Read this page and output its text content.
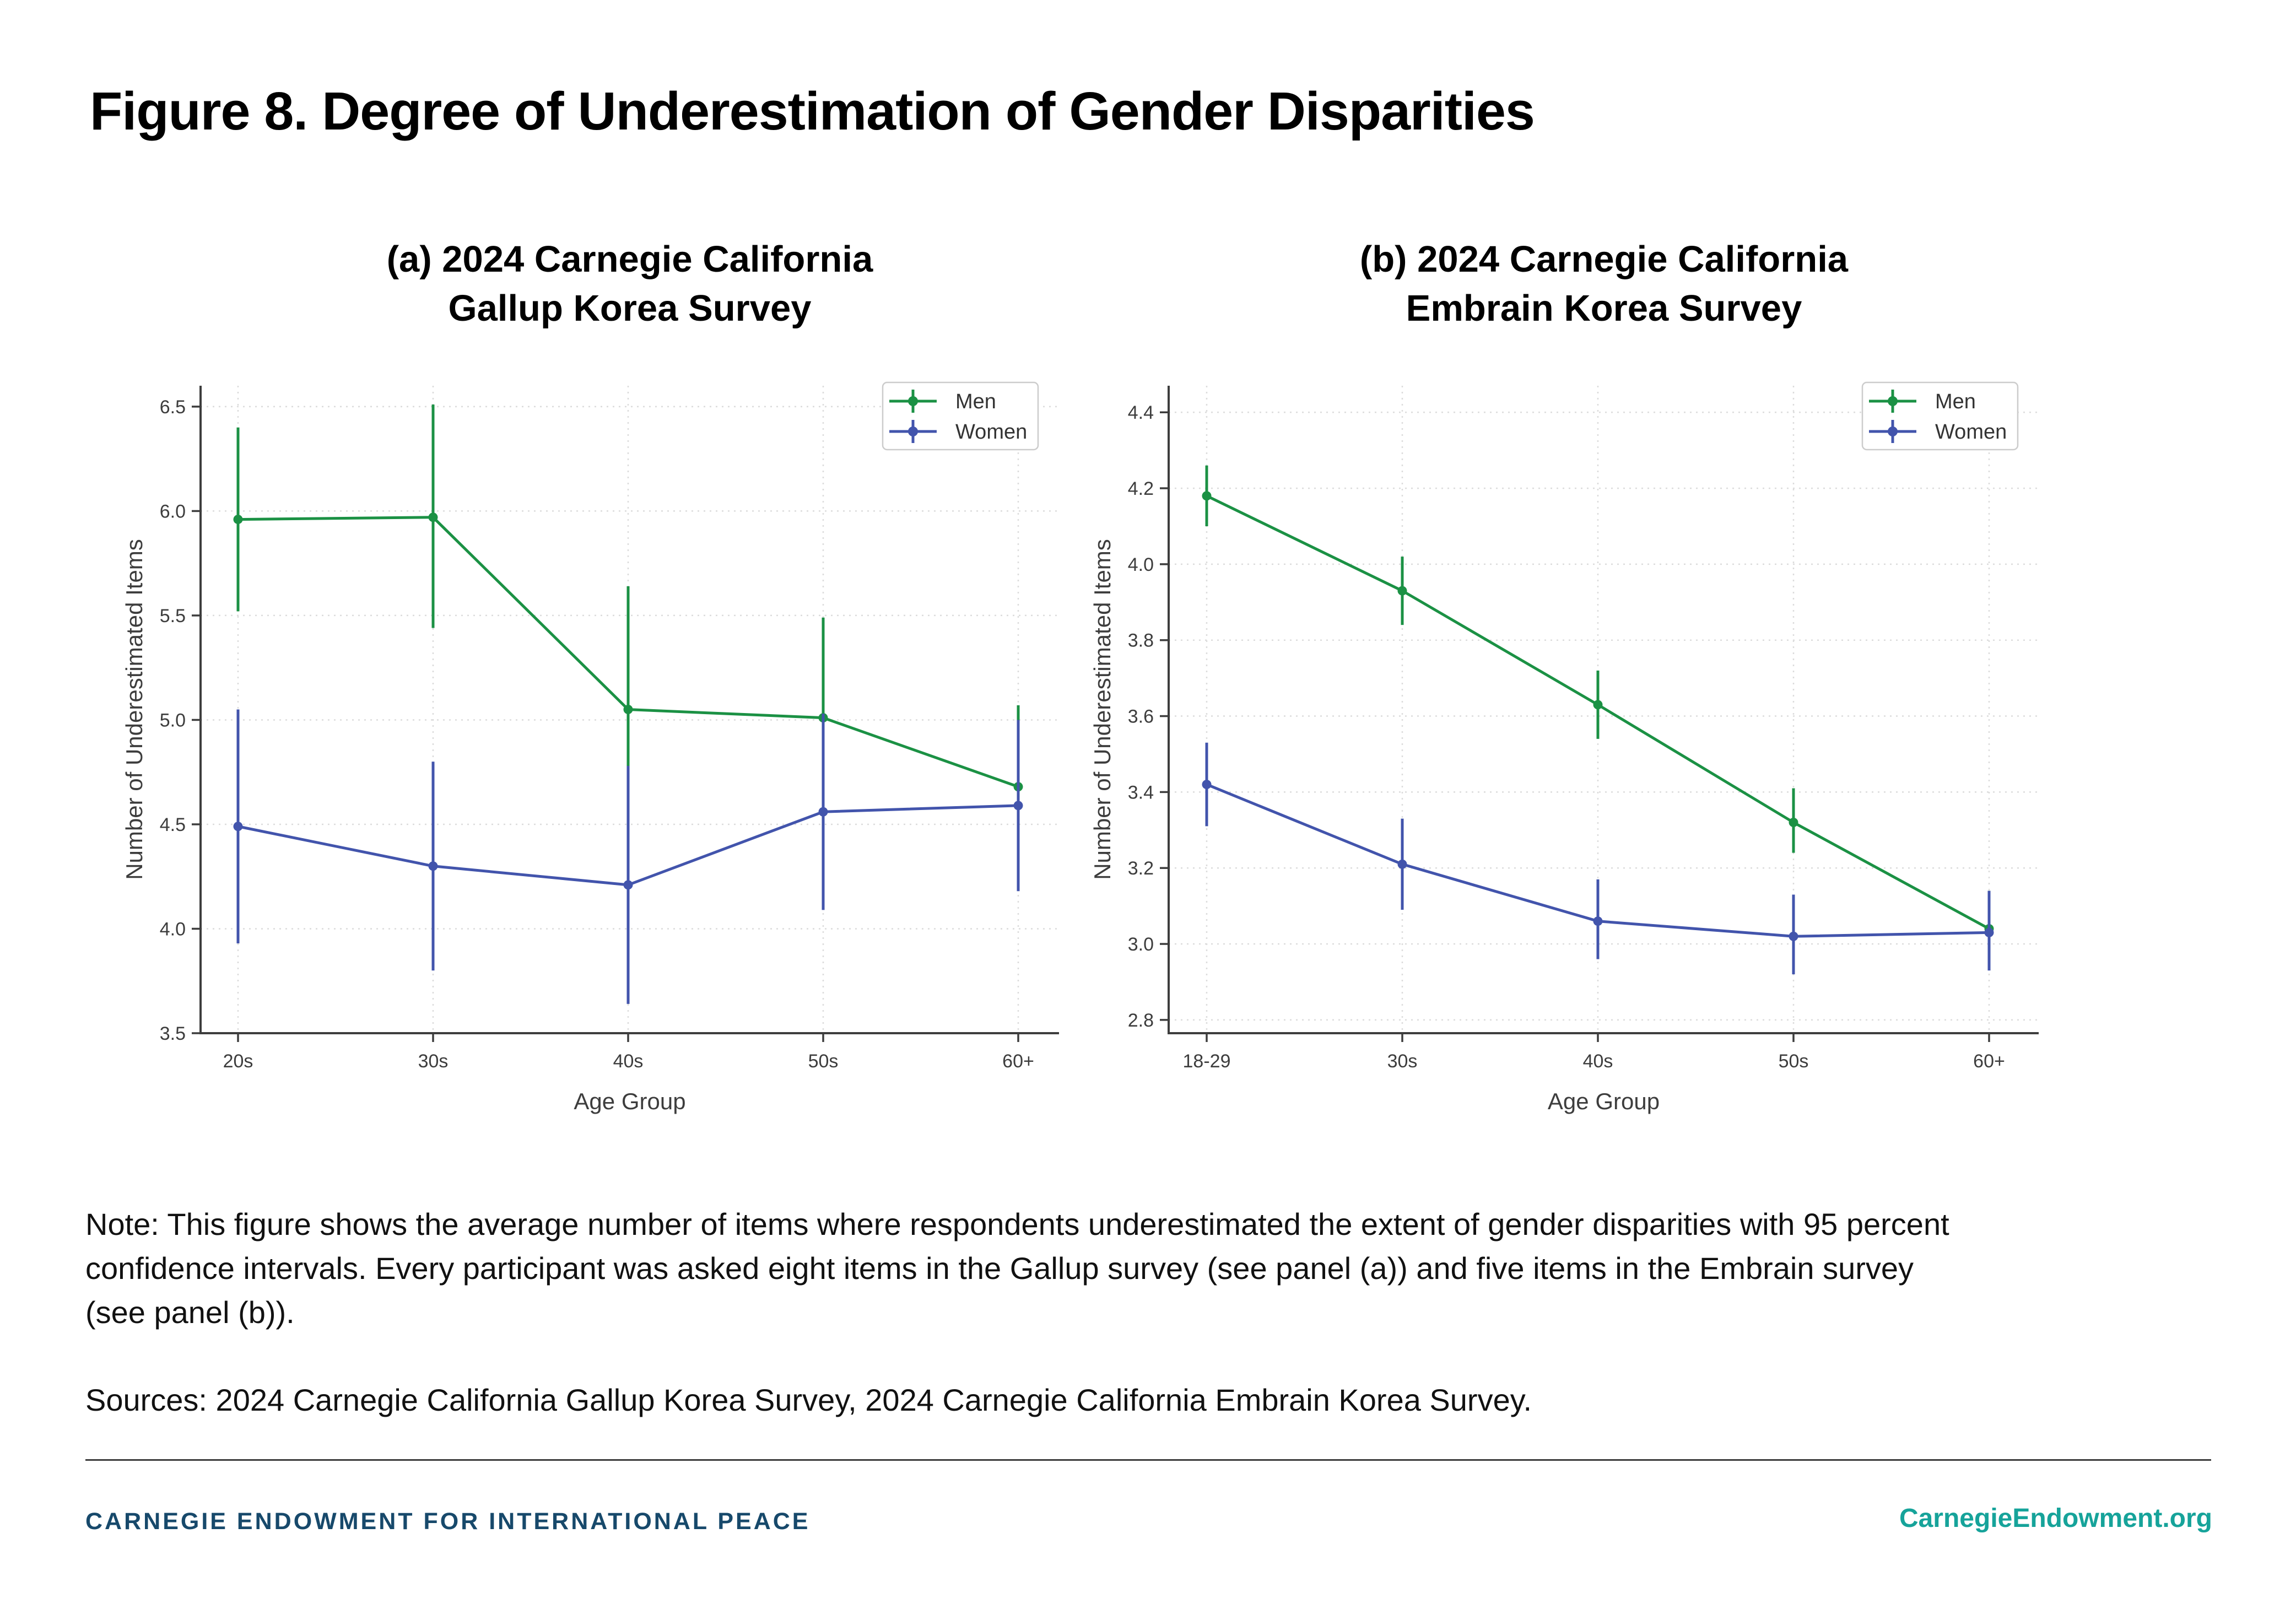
Figure 8. Degree of Underestimation of Gender Disparities
(a) 2024 Carnegie California
Gallup Korea Survey
(b) 2024 Carnegie California
Embrain Korea Survey
3.5
4.0
4.5
5.0
5.5
6.0
6.5
20s	30s	40s	50s	60+
Age Group
Number of Underestimated Items
Men
Women
2.8
3.0
3.2
3.4
3.6
3.8
4.0
4.2
4.4
18-29	30s	40s	50s	60+
Age Group
Number of Underestimated Items
Men
Women
Note: This figure shows the average number of items where respondents underestimated the extent of gender disparities with 95 percent
confidence intervals. Every participant was asked eight items in the Gallup survey (see panel (a)) and five items in the Embrain survey
(see panel (b)).
Sources: 2024 Carnegie California Gallup Korea Survey, 2024 Carnegie California Embrain Korea Survey.
CARNEGIE ENDOWMENT FOR INTERNATIONAL PEACE	CarnegieEndowment.org
